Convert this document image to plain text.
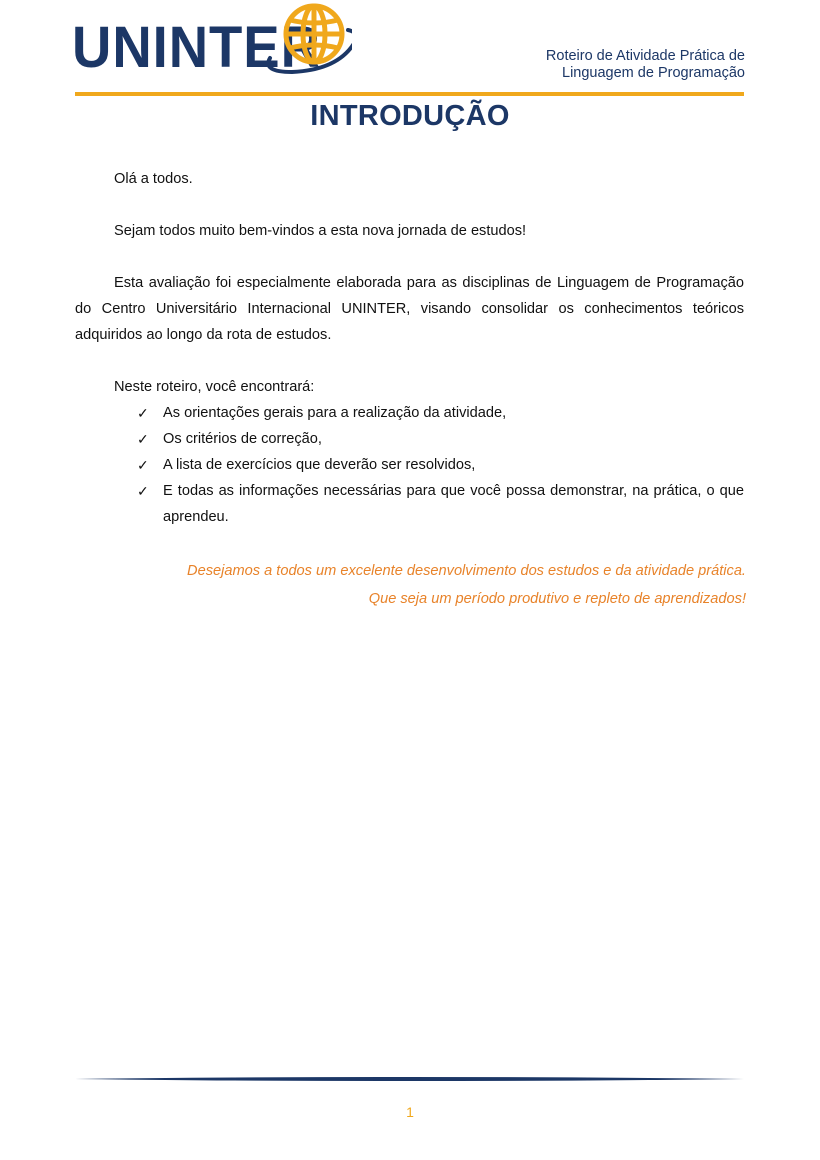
UNINTER	Roteiro de Atividade Prática de
Linguagem de Programação
INTRODUÇÃO

Olá a todos.

Sejam todos muito bem-vindos a esta nova jornada de estudos!

Esta avaliação foi especialmente elaborada para as disciplinas de Linguagem de Programação do Centro Universitário Internacional UNINTER, visando consolidar os conhecimentos teóricos adquiridos ao longo da rota de estudos.

Neste roteiro, você encontrará:

✓ As orientações gerais para a realização da atividade,
✓ Os critérios de correção,
✓ A lista de exercícios que deverão ser resolvidos,
✓ E todas as informações necessárias para que você possa demonstrar, na prática, o que aprendeu.
Desejamos a todos um excelente desenvolvimento dos estudos e da atividade prática.
Que seja um período produtivo e repleto de aprendizados!
1
